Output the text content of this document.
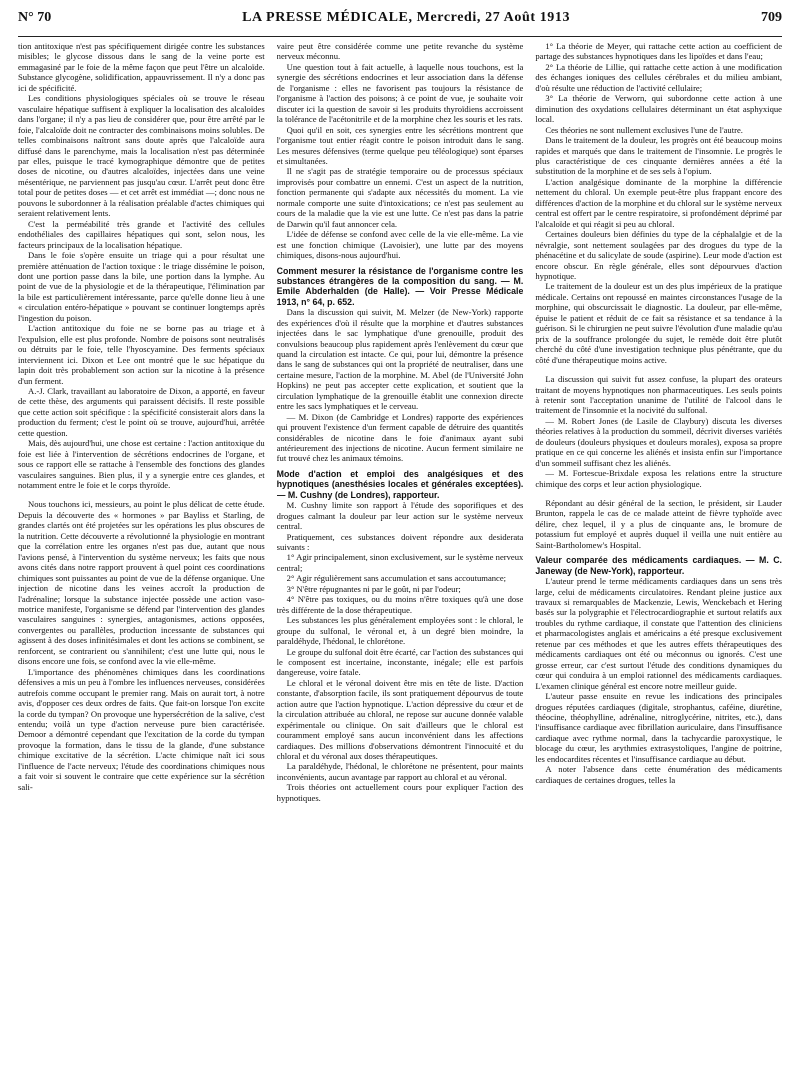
N° 70	LA PRESSE MÉDICALE, Mercredi, 27 Août 1913	709

tion antitoxique n'est pas spécifiquement dirigée contre les substances misibles; le glycose dissous dans le sang de la veine porte est emmagasiné par le foie de la même façon que peut l'être un alcaloïde. Substance glycogène, solidification, appauvrissement. Il n'y a donc pas ici de spécificité.

Les conditions physiologiques spéciales où se trouve le réseau vasculaire hépatique suffisent à expliquer la localisation des alcaloïdes dans l'organe; il n'y a pas lieu de considérer que, pour être arrêté par le foie, l'alcaloïde doit ne contracter des combinaisons moins solubles. De telles combinaisons naîtront sans doute après que l'alcaloïde aura diffusé dans le parenchyme, mais la localisation n'est pas déterminée par elles, puisque le tracé kymographique démontre que de petites doses de nicotine, ou d'autres alcaloïdes, injectées dans une veine mésentérique, ne parviennent pas jusqu'au cœur. L'arrêt peut donc être total pour de petites doses — et cet arrêt est immédiat —; donc nous ne pouvons le subordonner à la réalisation préalable d'actes chimiques qui seraient relativement lents.

C'est la perméabilité très grande et l'activité des cellules endothéliales des capillaires hépatiques qui sont, selon nous, les facteurs principaux de la localisation hépatique.

Dans le foie s'opère ensuite un triage qui a pour résultat une première atténuation de l'action toxique : le triage dissémine le poison, dont une portion passe dans la bile, une portion dans la lymphe. Au point de vue de la physiologie et de la thérapeutique, l'élimination par la bile est particulièrement intéressante, parce qu'elle donne lieu à une « circulation entéro-hépatique » pouvant se continuer longtemps après l'ingestion du poison.

L'action antitoxique du foie ne se borne pas au triage et à l'expulsion, elle est plus profonde. Nombre de poisons sont neutralisés ou détruits par le foie, telle l'hyoscyamine. Des ferments spéciaux interviennent ici. Dixon et Lee ont montré que le suc hépatique du lapin doit très probablement son action sur la nicotine à la présence d'un ferment.

A.-J. Clark, travaillant au laboratoire de Dixon, a apporté, en faveur de cette thèse, des arguments qui paraissent décisifs. Il reste possible que cette action soit spécifique : la spécificité consisterait alors dans la production du ferment; c'est le point où se trouve, aujourd'hui, arrêtée cette question.

Mais, dès aujourd'hui, une chose est certaine : l'action antitoxique du foie est liée à l'intervention de sécrétions endocrines de l'organe, et sous ce rapport elle se rattache à l'ensemble des fonctions des glandes vasculaires sanguines. Bien plus, il y a synergie entre ces glandes, et notamment entre le foie et le corps thyroïde.

Nous touchons ici, messieurs, au point le plus délicat de cette étude. Depuis la découverte des « hormones » par Bayliss et Starling, de grandes clartés ont été projetées sur les opérations les plus obscures de la nutrition. Cette découverte a révolutionné la physiologie en montrant que la corrélation entre les organes n'est pas due, autant que nous l'avions pensé, à l'intervention du système nerveux; les faits que nous avons cités dans notre rapport prouvent à quel point ces coordinations chimiques sont puissantes au point de vue de la défense organique. Une injection de nicotine dans les veines accroît la production de l'adrénaline; lorsque la substance injectée possède une action vaso-motrice manifeste, l'organisme se défend par l'intervention des glandes vasculaires sanguines : synergies, antagonismes, actions opposées, convergentes ou parallèles, production incessante de substances qui agissent à des doses infinitésimales et dont les actions se combinent, se renforcent, se contrarient ou s'annihilent; c'est une lutte qui, nous le disons encore une fois, se confond avec la vie elle-même.

L'importance des phénomènes chimiques dans les coordinations défensives a mis un peu à l'ombre les influences nerveuses, considérées autrefois comme occupant le premier rang. Mais on aurait tort, à notre avis, d'opposer ces deux ordres de faits. Que fait-on lorsque l'on excite la corde du tympan? On provoque une hypersécrétion de la salive, c'est entendu; voilà un type d'action nerveuse pure bien caractérisée. Demoor a démontré cependant que l'excitation de la corde du tympan provoque la formation, dans le tissu de la glande, d'une substance chimique excitative de la sécrétion. L'acte chimique naît ici sous l'influence de l'acte nerveux; l'étude des coordinations chimiques nous a fait voir si souvent le contraire que cette expérience sur la sécrétion sali-

vaire peut être considérée comme une petite revanche du système nerveux méconnu.

Une question tout à fait actuelle, à laquelle nous touchons, est la synergie des sécrétions endocrines et leur association dans la défense de l'organisme : elles ne favorisent pas toujours la résistance de l'organisme à l'action des poisons; à ce point de vue, je souhaite voir discuter ici la question de savoir si les produits thyroïdiens accroissent la tolérance de l'acétonitrile et de la morphine chez les souris et les rats.

Quoi qu'il en soit, ces synergies entre les sécrétions montrent que l'organisme tout entier réagit contre le poison introduit dans le sang. Les mesures défensives (terme quelque peu téléologique) sont éparses et simultanées.

Il ne s'agit pas de stratégie temporaire ou de processus spéciaux improvisés pour combattre un ennemi. C'est un aspect de la nutrition, fonction permanente qui s'adapte aux nécessités du moment. La vie normale comporte une suite d'intoxications; ce n'est pas seulement au cours de la maladie que la vie est une lutte. Ce n'est pas dans la patrie de Darwin qu'il faut annoncer cela.

L'idée de défense se confond avec celle de la vie elle-même. La vie est une fonction chimique (Lavoisier), une lutte par des moyens chimiques, disons-nous aujourd'hui.

Comment mesurer la résistance de l'organisme contre les substances étrangères de la composition du sang. — M. Emile Abderhalden (de Halle). — Voir Presse Médicale 1913, n° 64, p. 652.

Dans la discussion qui suivit, M. Melzer (de New-York) rapporte des expériences d'où il résulte que la morphine et d'autres substances injectées dans le sac lymphatique d'une grenouille, produit des convulsions beaucoup plus rapidement après l'enlèvement du cœur que quand la circulation est intacte. Ce qui, pour lui, démontre la présence dans le sang de substances qui ont la propriété de neutraliser, dans une certaine mesure, l'action de la morphine. M. Abel (de l'Université John Hopkins) ne peut pas accepter cette explication, et soutient que la circulation lymphatique de la grenouille établit une connexion directe entre les sacs lymphatiques et le cerveau.

— M. Dixon (de Cambridge et Londres) rapporte des expériences qui prouvent l'existence d'un ferment capable de détruire des quantités considérables de nicotine dans le foie d'animaux ayant subi antérieurement des injections de nicotine. Aucun ferment similaire ne fut trouvé chez les animaux témoins.

Mode d'action et emploi des analgésiques et des hypnotiques (anesthésies locales et générales exceptées). — M. Cushny (de Londres), rapporteur.

M. Cushny limite son rapport à l'étude des soporifiques et des drogues calmant la douleur par leur action sur le système nerveux central.

Pratiquement, ces substances doivent répondre aux desiderata suivants :

1° Agir principalement, sinon exclusivement, sur le système nerveux central;

2° Agir régulièrement sans accumulation et sans accoutumance;

3° N'être répugnantes ni par le goût, ni par l'odeur;

4° N'être pas toxiques, ou du moins n'être toxiques qu'à une dose très différente de la dose thérapeutique.

Les substances les plus généralement employées sont : le chloral, le groupe du sulfonal, le véronal et, à un degré bien moindre, la paraldéhyde, l'hédonal, le chlorétone.

Le groupe du sulfonal doit être écarté, car l'action des substances qui le composent est incertaine, inconstante, inégale; elle est parfois dangereuse, voire fatale.

Le chloral et le véronal doivent être mis en tête de liste. D'action constante, d'absorption facile, ils sont pratiquement dépourvus de toute action autre que l'action hypnotique. L'action dépressive du cœur et de la circulation attribuée au chloral, ne repose sur aucune donnée valable expérimentale ou clinique. On sait d'ailleurs que le chloral est couramment employé sans aucun inconvénient dans les affections cardiaques. Des millions d'observations démontrent l'innocuité et du chloral et du véronal aux doses thérapeutiques.

La paraldéhyde, l'hédonal, le chlorétone ne présentent, pour maints inconvénients, aucun avantage par rapport au chloral et au véronal.

Trois théories ont actuellement cours pour expliquer l'action des hypnotiques.

1° La théorie de Meyer, qui rattache cette action au coefficient de partage des substances hypnotiques dans les lipoïdes et dans l'eau;

2° La théorie de Lillie, qui rattache cette action à une modification des échanges ioniques des cellules cérébrales et du milieu ambiant, d'où résulte une réduction de l'activité cellulaire;

3° La théorie de Verworn, qui subordonne cette action à une diminution des oxydations cellulaires déterminant un état asphyxique local.

Ces théories ne sont nullement exclusives l'une de l'autre.

Dans le traitement de la douleur, les progrès ont été beaucoup moins rapides et marqués que dans le traitement de l'insomnie. Le progrès le plus caractéristique de ces cinquante dernières années a été la substitution de la morphine et de ses sels à l'opium.

L'action analgésique dominante de la morphine la différencie nettement du chloral. Un exemple peut-être plus frappant encore des différences d'action de la morphine et du chloral sur le système nerveux central est offert par le centre respiratoire, si profondément déprimé par l'alcaloïde et qui réagit si peu au chloral.

Certaines douleurs bien définies du type de la céphalalgie et de la névralgie, sont nettement soulagées par des drogues du type de la phénacétine et du salicylate de soude (aspirine). Leur mode d'action est encore obscur. En règle générale, elles sont dépourvues d'action hypnotique.

Le traitement de la douleur est un des plus impérieux de la pratique médicale. Certains ont repoussé en maintes circonstances l'usage de la morphine, qui obscurcissait le diagnostic. La douleur, par elle-même, épuise le patient et réduit de ce fait sa résistance et sa tendance à la guérison. Si le chirurgien ne peut suivre l'évolution d'une maladie qu'au prix de la souffrance prolongée du sujet, le remède doit être plutôt cherché du côté d'une investigation technique plus pénétrante, que du côté d'une thérapeutique moins active.

La discussion qui suivit fut assez confuse, la plupart des orateurs traitant de moyens hypnotiques non pharmaceutiques. Les seuls points à retenir sont l'acceptation unanime de l'utilité de l'alcool dans le traitement de l'insomnie et la nocivité du sulfonal.

— M. Robert Jones (de Lasile de Claybury) discuta les diverses théories relatives à la production du sommeil, décrivit diverses variétés de douleurs (douleurs physiques et douleurs morales), exposa sa propre pratique en ce qui concerne les aliénés et insista enfin sur l'importance d'un sommeil suffisant chez les aliénés.

— M. Fortescue-Brixdale exposa les relations entre la structure chimique des corps et leur action physiologique.

Répondant au désir général de la section, le président, sir Lauder Brunton, rappela le cas de ce malade atteint de fièvre typhoïde avec délire, chez lequel, il y a plus de cinquante ans, le bromure de potassium fut employé et auprès duquel il veilla une nuit entière au Saint-Bartholomew's Hospital.

Valeur comparée des médicaments cardiaques. — M. C. Janeway (de New-York), rapporteur.

L'auteur prend le terme médicaments cardiaques dans un sens très large, celui de médicaments circulatoires. Rendant pleine justice aux travaux si remarquables de Mackenzie, Lewis, Wenckebach et Hering basés sur la polygraphie et l'électrocardiographie et surtout relatifs aux troubles du rythme cardiaque, il constate que l'attention des cliniciens et pharmacologistes anglais et américains a été presque exclusivement retenue par ces méthodes et que les autres effets thérapeutiques des médicaments cardiaques ont été ou méconnus ou ignorés. C'est une grosse erreur, car c'est surtout l'étude des conditions dynamiques du cœur qui conduira à un emploi rationnel des médicaments cardiaques. L'examen clinique général est encore notre meilleur guide.

L'auteur passe ensuite en revue les indications des principales drogues réputées cardiaques (digitale, strophantus, caféine, diurétine, théocine, théophylline, adrénaline, nitroglycérine, nitrites, etc.), dans l'insuffisance cardiaque avec fibrillation auriculaire, dans l'insuffisance cardiaque avec rythme normal, dans la tachycardie paroxystique, le blocage du cœur, les arythmies extrasystoliques, l'angine de poitrine, les endocardites récentes et l'insuffisance cardiaque au début.

A noter l'absence dans cette énumération des médicaments cardiaques de certaines drogues, telles la
